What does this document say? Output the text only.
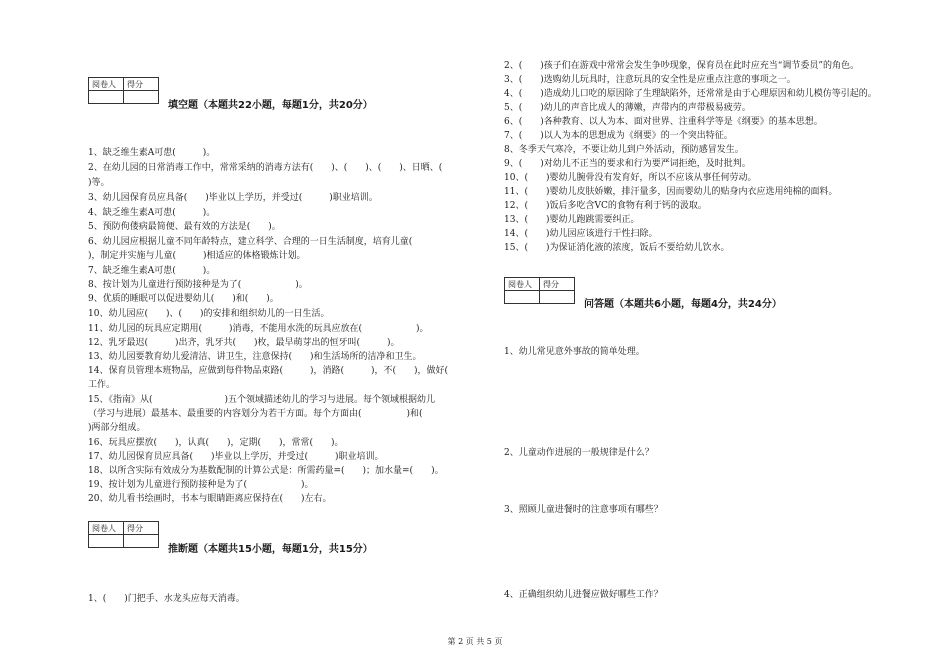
阅卷人	得分

填空题（本题共22小题，每题1分，共20分）
1、缺乏维生素A可患(　　　)。
2、在幼儿园的日常消毒工作中，常常采纳的消毒方法有(　　)、(　　)、(　　)、日晒、(　　
)等。
3、幼儿园保育员应具备(　　)毕业以上学历，并受过(　　　)职业培训。
4、缺乏维生素A可患(　　　)。
5、预防佝偻病最简便、最有效的方法是(　　)。
6、幼儿园应根据儿童不同年龄特点，建立科学、合理的一日生活制度，培育儿童(　　
)，制定并实施与儿童(　　　)相适应的体格锻炼计划。
7、缺乏维生素A可患(　　　)。
8、按计划为儿童进行预防接种是为了(　　　　　　)。
9、优质的睡眠可以促进婴幼儿(　　)和(　　)。
10、幼儿园应(　　)、(　　)的安排和组织幼儿的一日生活。
11、幼儿园的玩具应定期用(　　　)消毒，不能用水洗的玩具应放在(　　　　　　)。
12、乳牙最迟(　　　)出齐，乳牙共(　　)枚，最早萌芽出的恒牙叫(　　　)。
13、幼儿园要教育幼儿爱清洁、讲卫生，注意保持(　　)和生活场所的洁净和卫生。
14、保育员管理本班物品，应做到每件物品束路(　　　)，消路(　　　)，不(　　)，做好(　　
工作。
15、《指南》从(　　　　　　　　)五个领域描述幼儿的学习与进展。每个领域根据幼儿
（学习与进展）最基本、最重要的内容划分为若干方面。每个方面由(　　　　　)和(
)两部分组成。
16、玩具应摆放(　　)，认真(　　)，定期(　　)，常常(　　)。
17、幼儿园保育员应具备(　　)毕业以上学历，并受过(　　　)职业培训。
18、以所含实际有效成分为基数配制的计算公式是：所需药量=(　　)；加水量=(　　)。
19、按计划为儿童进行预防接种是为了(　　　　　　)。
20、幼儿看书绘画时，书本与眼睛距离应保持在(　　)左右。
阅卷人	得分

推断题（本题共15小题，每题1分，共15分）
1、(　　)门把手、水龙头应每天消毒。
2、(　　)孩子们在游戏中常常会发生争吵现象，保育员在此时应充当“调节委员”的角色。
3、(　　)选购幼儿玩具时，注意玩具的安全性是应重点注意的事项之一。
4、(　　)造成幼儿口吃的原因除了生理缺陷外，还常常是由于心理原因和幼儿模仿等引起的。
5、(　　)幼儿的声音比成人的薄嫩，声带内的声带极易疲劳。
6、(　　)各种教育、以人为本、面对世界、注重科学等是《纲要》的基本思想。
7、(　　)以人为本的思想成为《纲要》的一个突出特征。
8、冬季天气寒冷，不要让幼儿到户外活动，预防感冒发生。
9、(　　)对幼儿不正当的要求和行为要严词拒绝，及时批判。
10、(　　)婴幼儿腕骨没有发育好，所以不应该从事任何劳动。
11、(　　)婴幼儿皮肤娇嫩，排汗量多，因而婴幼儿的贴身内衣应选用纯棉的面料。
12、(　　)饭后多吃含VC的食物有利于钙的汲取。
13、(　　)婴幼儿跑跳需要纠正。
14、(　　)幼儿园应该进行干性扫除。
15、(　　)为保证消化液的浓度，饭后不要给幼儿饮水。
阅卷人	得分

问答题（本题共6小题，每题4分，共24分）
1、幼儿常见意外事故的简单处理。
2、儿童动作进展的一般规律是什么？
3、照顾儿童进餐时的注意事项有哪些？
4、正确组织幼儿进餐应做好哪些工作？
第 2 页 共 5 页
